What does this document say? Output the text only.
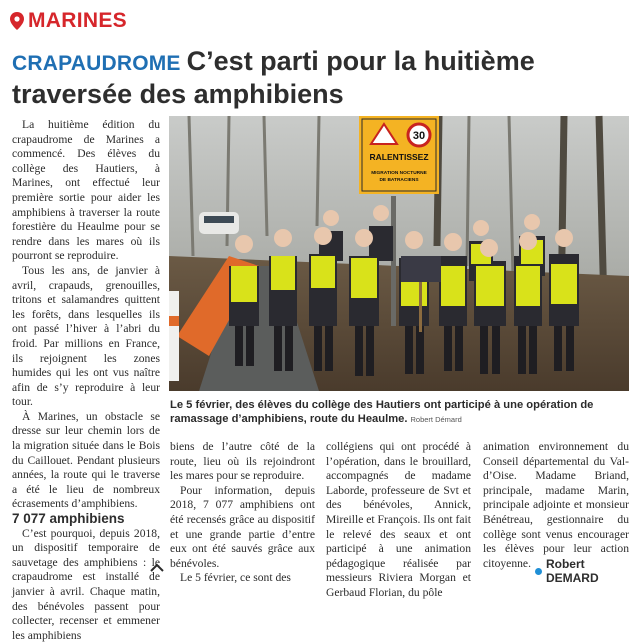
MARINES
CRAPAUDROME C’est parti pour la huitième traversée des amphibiens

La huitième édition du crapaudrome de Marines a commencé. Des élèves du collège des Hautiers, à Marines, ont effectué leur première sortie pour aider les amphibiens à traverser la route forestière du Heaulme pour se rendre dans les mares où ils pourront se reproduire.

Tous les ans, de janvier à avril, crapauds, grenouilles, tritons et salamandres quittent les forêts, dans lesquelles ils ont passé l’hiver à l’abri du froid. Par millions en France, ils rejoignent les zones humides qui les ont vus naître afin de s’y reproduire à leur tour.

À Marines, un obstacle se dresse sur leur chemin lors de la migration située dans le Bois du Caillouet. Pendant plusieurs années, la route qui le traverse a été le lieu de nombreux écrasements d’amphibiens.

7 077 amphibiens

C’est pourquoi, depuis 2018, un dispositif temporaire de sauvetage des amphibiens : le crapaudrome est installé de janvier à avril. Chaque matin, des bénévoles passent pour collecter, recenser et emmener les amphibiens

30
RALENTISSEZ
MIGRATION NOCTURNE
DE BATRACIENS
Le 5 février, des élèves du collège des Hautiers ont participé à une opération de ramassage d’amphibiens, route du Heaulme. Robert Démard

biens de l’autre côté de la route, lieu où ils rejoindront les mares pour se reproduire.

Pour information, depuis 2018, 7 077 amphibiens ont été recensés grâce au dispositif et une grande partie d’entre eux ont été sauvés grâce aux bénévoles.

Le 5 février, ce sont des

collégiens qui ont procédé à l’opération, dans le brouillard, accompagnés de madame Laborde, professeure de Svt et des bénévoles, Annick, Mireille et François. Ils ont fait le relevé des seaux et ont participé à une animation pédagogique réalisée par messieurs Riviera Morgan et Gerbaud Florian, du pôle

animation environnement du Conseil départemental du Val-d’Oise. Madame Briand, principale, madame Marin, principale adjointe et monsieur Bénétreau, gestionnaire du collège sont venus encourager les élèves pour leur action citoyenne.	Robert DEMARD
